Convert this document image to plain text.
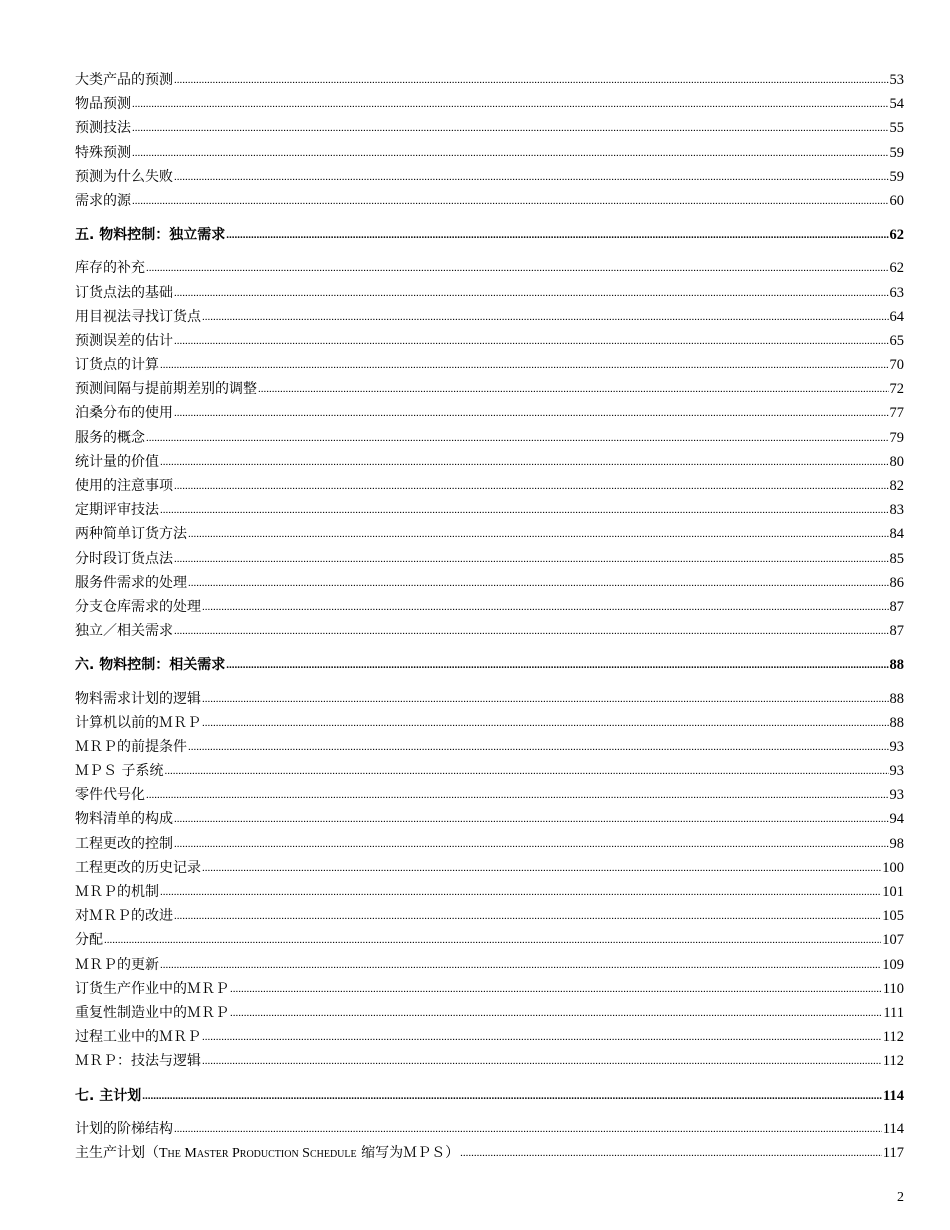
大类产品的预测 .....	53
物品预测 .....	54
预测技法 .....	55
特殊预测 .....	59
预测为什么失败 .....	59
需求的源 .....	60
五. 物料控制：独立需求 .....	62
库存的补充 .....	62
订货点法的基础 .....	63
用目视法寻找订货点 .....	64
预测误差的估计 .....	65
订货点的计算 .....	70
预测间隔与提前期差别的调整 .....	72
泊桑分布的使用 .....	77
服务的概念 .....	79
统计量的价值 .....	80
使用的注意事项 .....	82
定期评审技法 .....	83
两种简单订货方法 .....	84
分时段订货点法 .....	85
服务件需求的处理 .....	86
分支仓库需求的处理 .....	87
独立／相关需求 .....	87
六. 物料控制：相关需求 .....	88
物料需求计划的逻辑 .....	88
计算机以前的ＭＲＰ .....	88
ＭＲＰ的前提条件 .....	93
ＭＰＳ 子系统 .....	93
零件代号化 .....	93
物料清单的构成 .....	94
工程更改的控制 .....	98
工程更改的历史记录 .....	100
ＭＲＰ的机制 .....	101
对ＭＲＰ的改进 .....	105
分配 .....	107
ＭＲＰ的更新 .....	109
订货生产作业中的ＭＲＰ .....	110
重复性制造业中的ＭＲＰ .....	111
过程工业中的ＭＲＰ .....	112
ＭＲＰ：技法与逻辑 .....	112
七. 主计划 .....	114
计划的阶梯结构 .....	114
主生产计划（The Master Production Schedule 缩写为ＭＰＳ） .....	117
2
